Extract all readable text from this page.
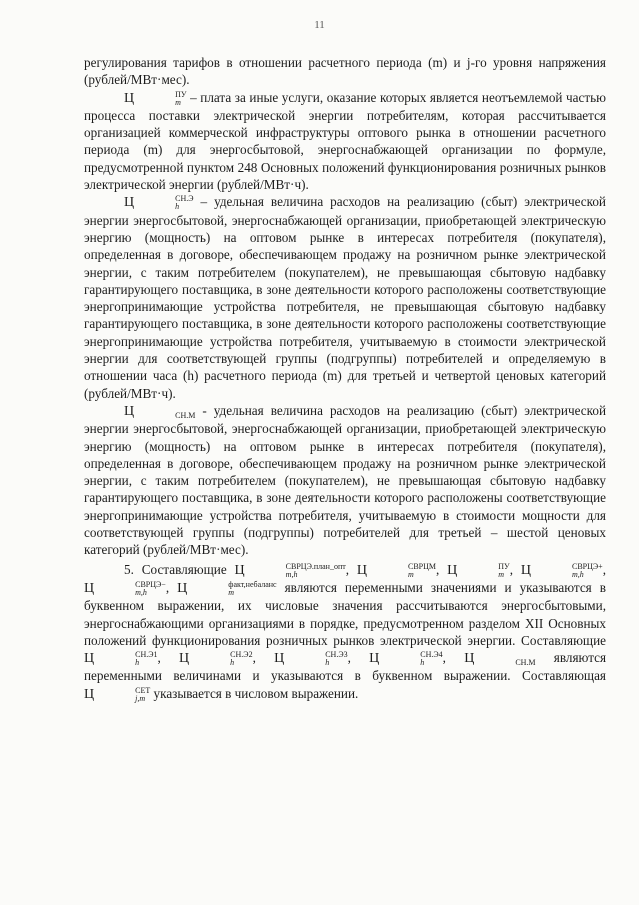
11

регулирования тарифов в отношении расчетного периода (m) и j-го уровня напряжения (рублей/МВт·мес).

Ц	ПУ
m – плата за иные услуги, оказание которых является неотъемлемой частью процесса поставки электрической энергии потребителям, которая рассчитывается организацией коммерческой инфраструктуры оптового рынка в отношении расчетного периода (m) для энергосбытовой, энергоснабжающей организации по формуле, предусмотренной пунктом 248 Основных положений функционирования розничных рынков электрической энергии (рублей/МВт·ч).

Ц	СН.Э
h	– удельная величина расходов на реализацию (сбыт) электрической энергии энергосбытовой, энергоснабжающей организации, приобретающей электрическую энергию (мощность) на оптовом рынке в интересах потребителя (покупателя), определенная в договоре, обеспечивающем продажу на розничном рынке электрической энергии, с таким потребителем (покупателем), не превышающая сбытовую надбавку гарантирующего поставщика, в зоне деятельности которого расположены соответствующие энергопринимающие устройства потребителя, не превышающая сбытовую надбавку гарантирующего поставщика, в зоне деятельности которого расположены соответствующие энергопринимающие устройства потребителя, учитываемую в стоимости электрической энергии для соответствующей группы (подгруппы) потребителей и определяемую в отношении часа (h) расчетного периода (m) для третьей и четвертой ценовых категорий (рублей/МВт·ч).

Ц	СН.М - удельная величина расходов на реализацию (сбыт) электрической энергии энергосбытовой, энергоснабжающей организации, приобретающей электрическую энергию (мощность) на оптовом рынке в интересах потребителя (покупателя), определенная в договоре, обеспечивающем продажу на розничном рынке электрической энергии, с таким потребителем (покупателем), не превышающая сбытовую надбавку гарантирующего поставщика, в зоне деятельности которого расположены соответствующие энергопринимающие устройства потребителя, учитываемую в стоимости мощности для соответствующей группы (подгруппы) потребителей для третьей – шестой ценовых категорий (рублей/МВт·мес).

5. Составляющие Ц	СВРЦЭ.план_опт
m,h	, Ц	СВРЦМ
m	, Ц	ПУ
m , Ц	СВРЦЭ+
m,h	, Ц	СВРЦЭ−
m,h	, Ц	факт,небаланс
m	являются переменными значениями и указываются в буквенном выражении, их числовые значения рассчитываются энергосбытовыми, энергоснабжающими организациями в порядке, предусмотренном разделом XII Основных положений функционирования розничных рынков электрической энергии. Составляющие Ц	СН.Э1
h	, Ц	СН.Э2
h	, Ц	СН.Э3
h	, Ц	СН.Э4
h	, Ц	СН.М являются переменными величинами и указываются в буквенном выражении. Составляющая Ц	СЕТ
j,m указывается в числовом выражении.
